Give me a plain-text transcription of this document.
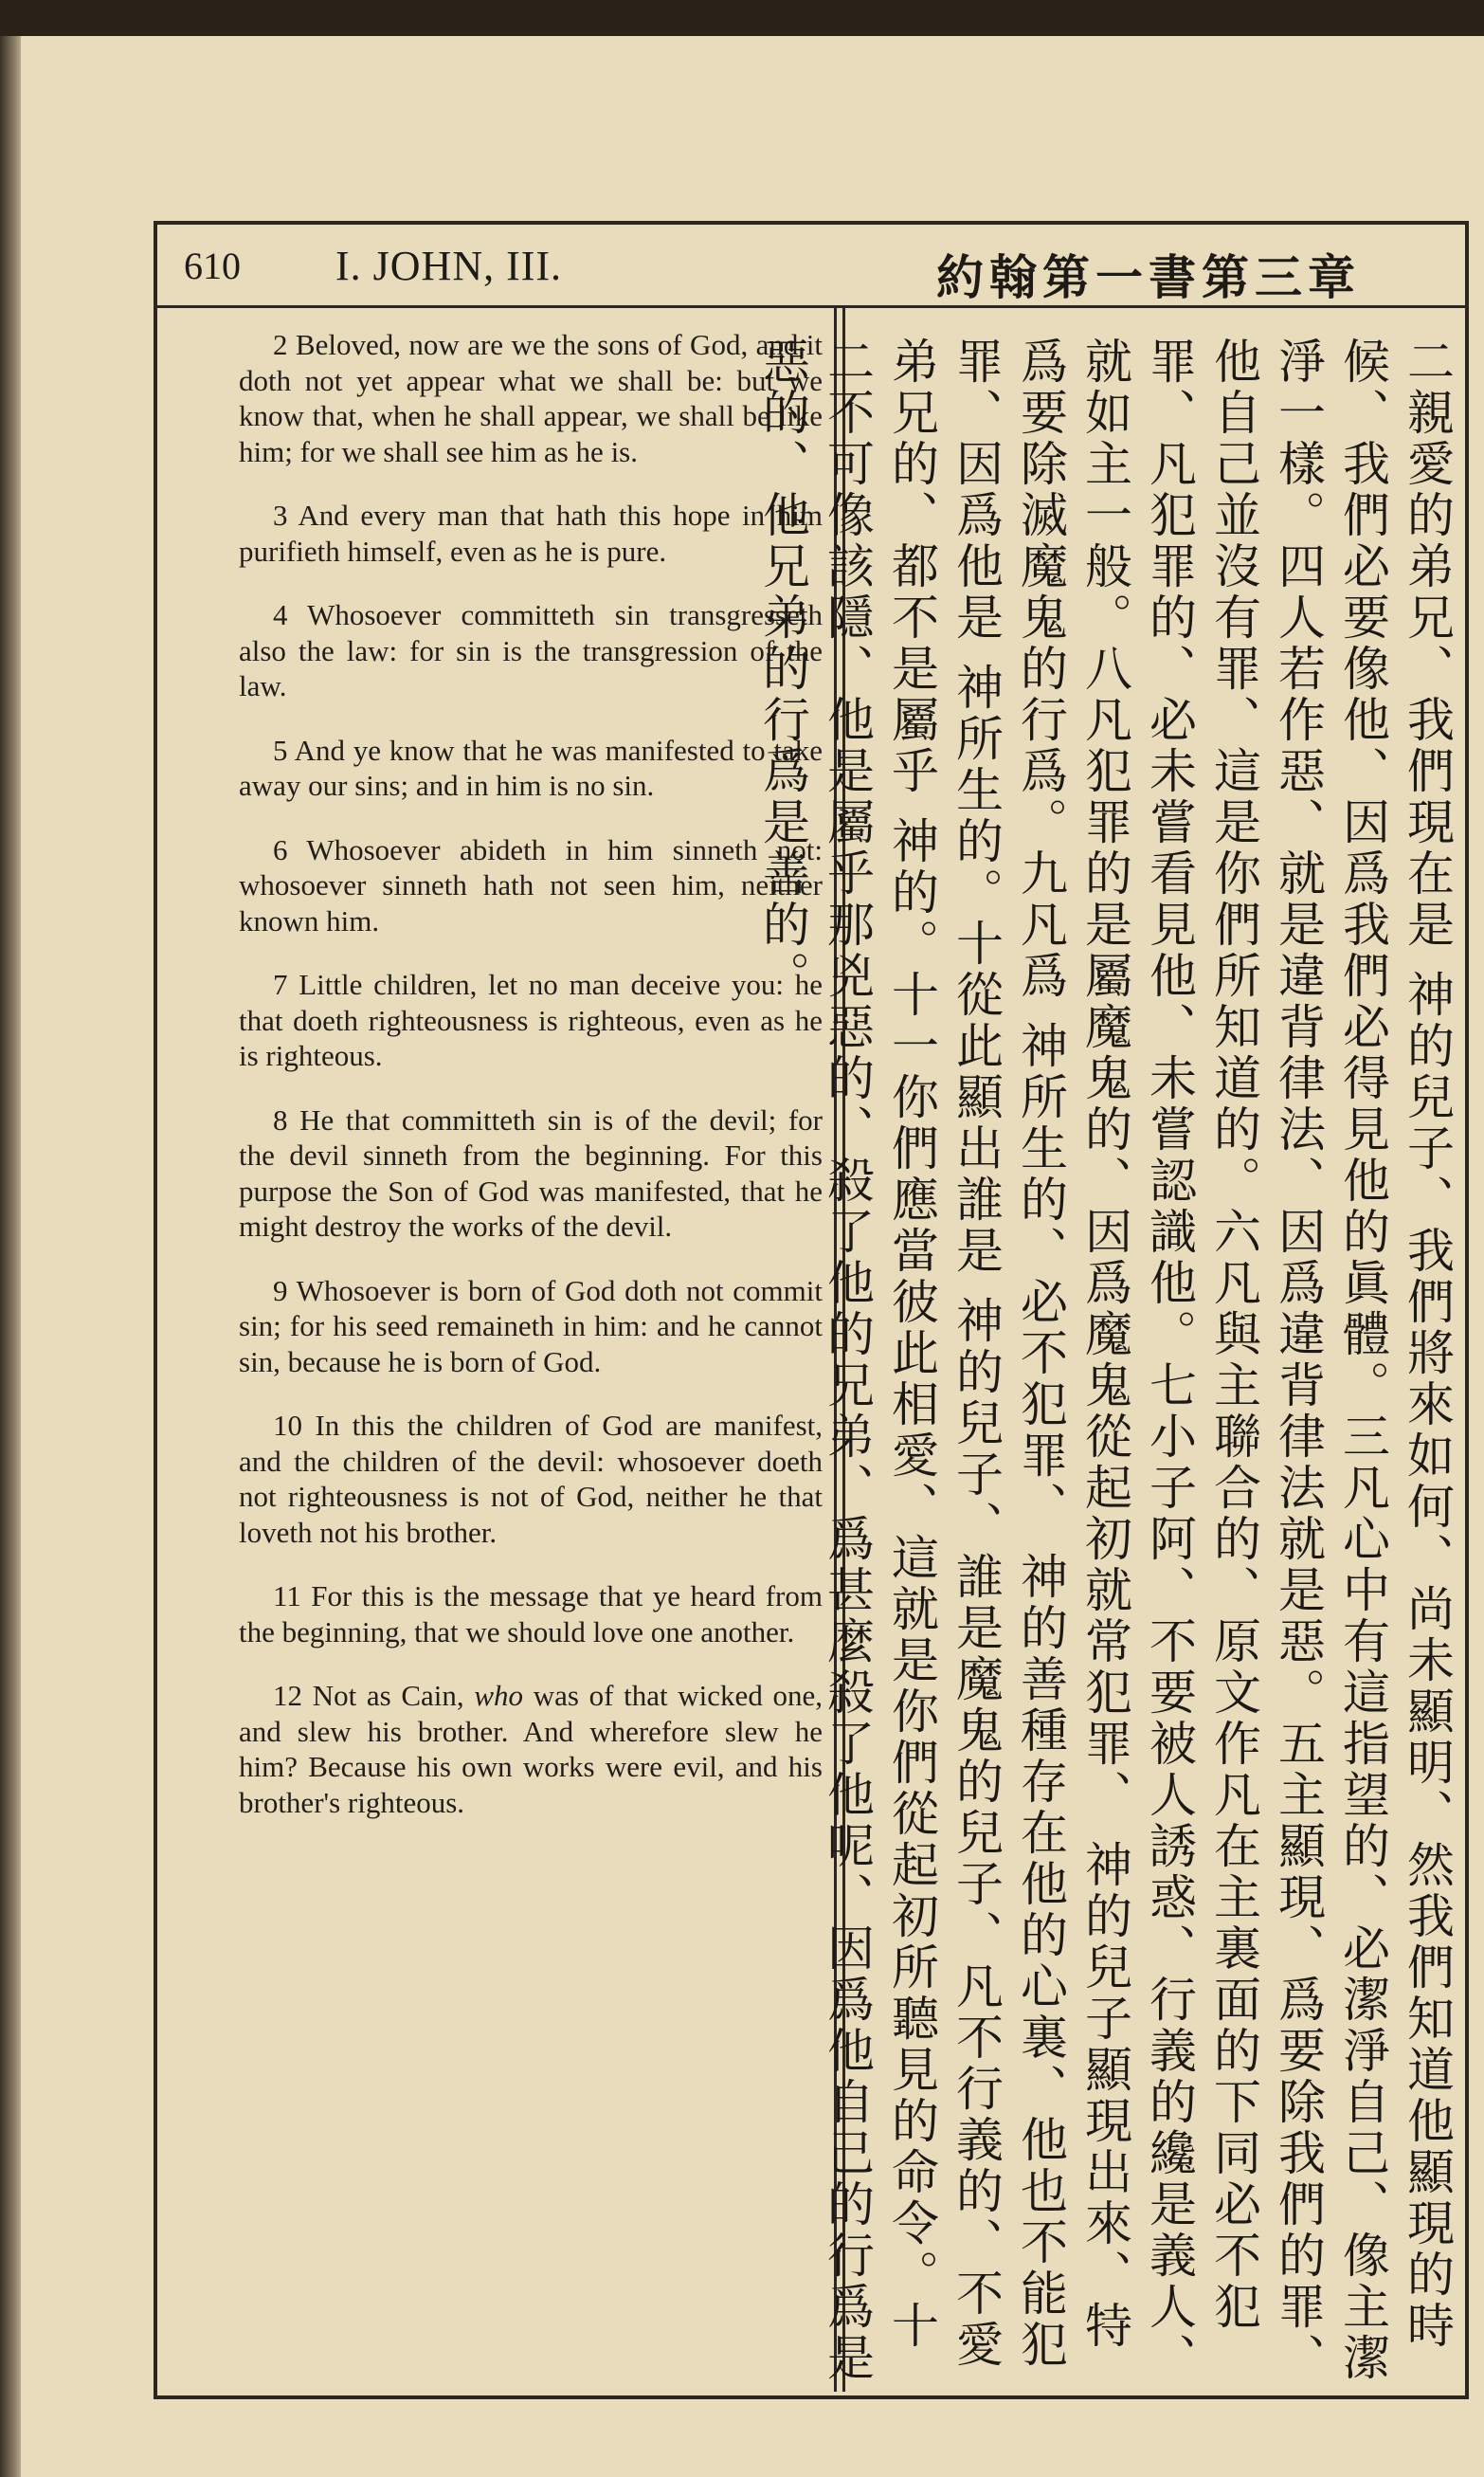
610 I. JOHN, III.	約翰第一書第三章

2 Beloved, now are we the sons of God, and it doth not yet appear what we shall be: but we know that, when he shall appear, we shall be like him; for we shall see him as he is.

3 And every man that hath this hope in him purifieth himself, even as he is pure.

4 Whosoever committeth sin transgresseth also the law: for sin is the transgression of the law.

5 And ye know that he was manifested to take away our sins; and in him is no sin.

6 Whosoever abideth in him sinneth not: whosoever sinneth hath not seen him, neither known him.

7 Little children, let no man deceive you: he that doeth righteousness is righteous, even as he is righteous.

8 He that committeth sin is of the devil; for the devil sinneth from the beginning. For this purpose the Son of God was manifested, that he might destroy the works of the devil.

9 Whosoever is born of God doth not commit sin; for his seed remaineth in him: and he cannot sin, because he is born of God.

10 In this the children of God are manifest, and the children of the devil: whosoever doeth not righteousness is not of God, neither he that loveth not his brother.

11 For this is the message that ye heard from the beginning, that we should love one another.

12 Not as Cain, who was of that wicked one, and slew his brother. And wherefore slew he him? Because his own works were evil, and his brother's righteous.	二親愛的弟兄、我們現在是 神的兒子、我們將來如何、尚未顯明、然我們知道他顯現的時候、我們必要像他、因爲我們必得見他的眞體。三凡心中有這指望的、必潔淨自己、像主潔淨一樣。四人若作惡、就是違背律法、因爲違背律法就是惡。五主顯現、爲要除我們的罪、他自己並沒有罪、這是你們所知道的。六凡與主聯合的、原文作凡在主裏面的下同必不犯罪、凡犯罪的、必未嘗看見他、未嘗認識他。七小子阿、不要被人誘惑、行義的纔是義人、就如主一般。八凡犯罪的是屬魔鬼的、因爲魔鬼從起初就常犯罪、 神的兒子顯現出來、特爲要除滅魔鬼的行爲。九凡爲 神所生的、必不犯罪、 神的善種存在他的心裏、他也不能犯罪、因爲他是 神所生的。十從此顯出誰是 神的兒子、誰是魔鬼的兒子、凡不行義的、不愛弟兄的、都不是屬乎 神的。十一你們應當彼此相愛、這就是你們從起初所聽見的命令。十二不可像該隱、他是屬乎那兇惡的、殺了他的兄弟、爲甚麼殺了他呢、因爲他自己的行爲是惡的、他兄弟的行爲是善的。
